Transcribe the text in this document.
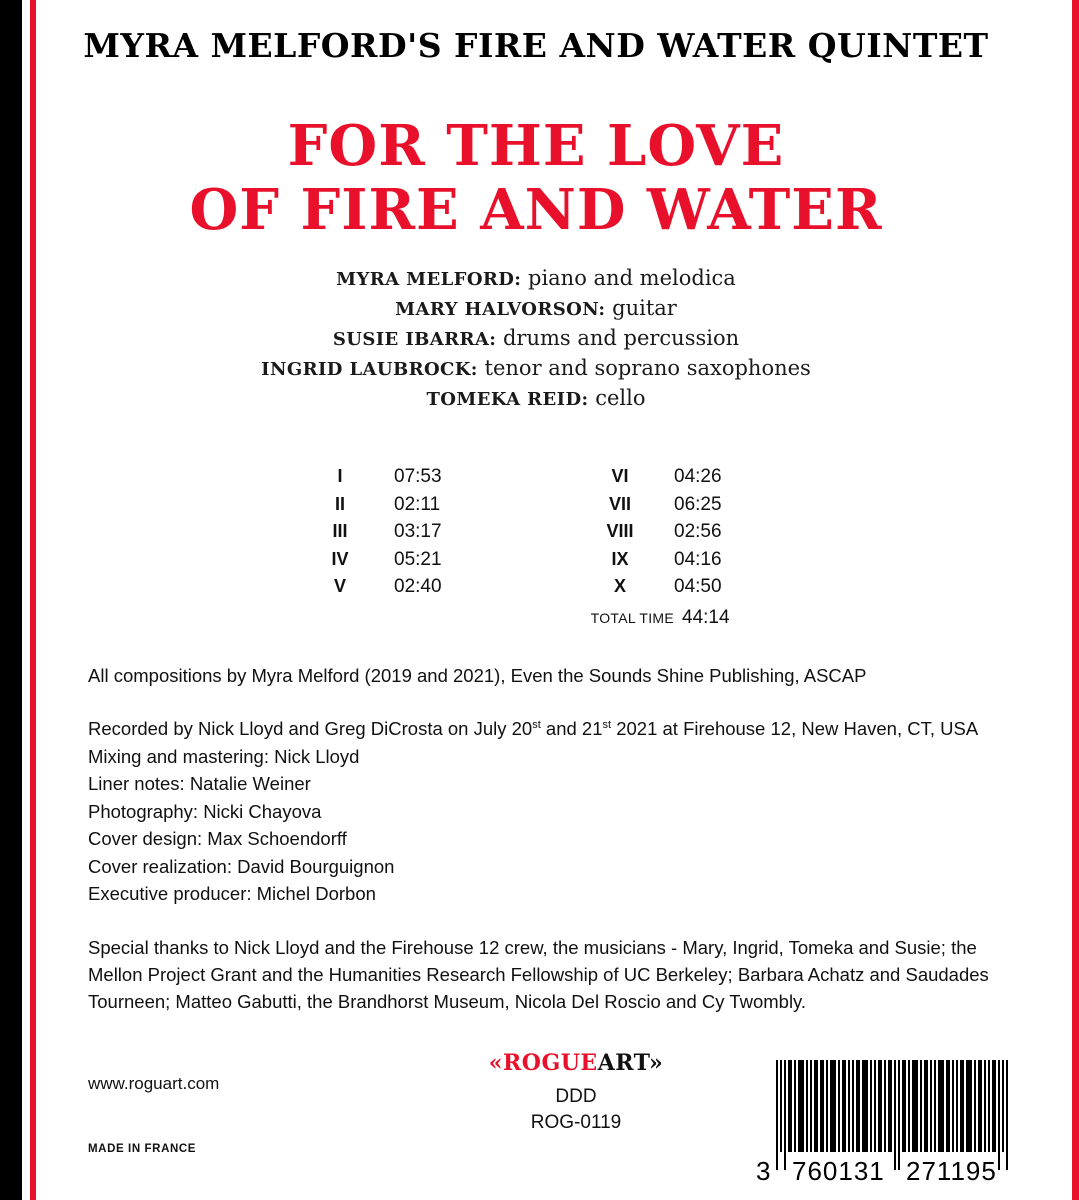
MYRA MELFORD'S FIRE AND WATER QUINTET
FOR THE LOVE
OF FIRE AND WATER
MYRA MELFORD: piano and melodica
MARY HALVORSON: guitar
SUSIE IBARRA: drums and percussion
INGRID LAUBROCK: tenor and soprano saxophones
TOMEKA REID: cello
I	07:53	VI	04:26
II	02:11	VII	06:25
III	03:17	VIII	02:56
IV	05:21	IX	04:16
V	02:40	X	04:50
TOTAL TIME 44:14
All compositions by Myra Melford (2019 and 2021), Even the Sounds Shine Publishing, ASCAP
Recorded by Nick Lloyd and Greg DiCrosta on July 20st and 21st 2021 at Firehouse 12, New Haven, CT, USA
Mixing and mastering: Nick Lloyd
Liner notes: Natalie Weiner
Photography: Nicki Chayova
Cover design: Max Schoendorff
Cover realization: David Bourguignon
Executive producer: Michel Dorbon
Special thanks to Nick Lloyd and the Firehouse 12 crew, the musicians - Mary, Ingrid, Tomeka and Susie; the Mellon Project Grant and the Humanities Research Fellowship of UC Berkeley; Barbara Achatz and Saudades Tourneen; Matteo Gabutti, the Brandhorst Museum, Nicola Del Roscio and Cy Twombly.
www.roguart.com
MADE IN FRANCE
«ROGUEART»
DDD
ROG-0119
3 760131 271195
